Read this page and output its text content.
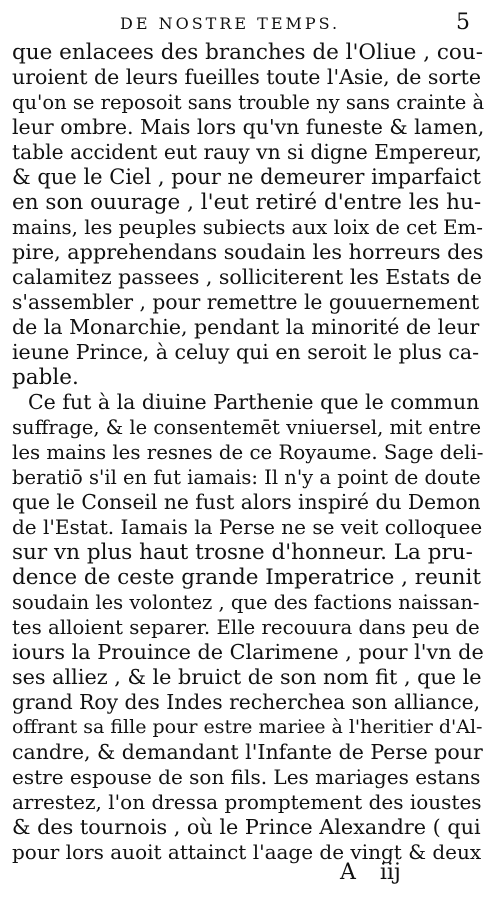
DE NOSTRE TEMPS.	5
que enlacees des branches de l'Oliue , cou-
uroient de leurs fueilles toute l'Asie, de sorte
qu'on se reposoit sans trouble ny sans crainte à
leur ombre. Mais lors qu'vn funeste & lamen,
table accident eut rauy vn si digne Empereur,
& que le Ciel , pour ne demeurer imparfaict
en son ouurage , l'eut retiré d'entre les hu-
mains, les peuples subiects aux loix de cet Em-
pire, apprehendans soudain les horreurs des
calamitez passees , solliciterent les Estats de
s'assembler , pour remettre le gouuernement
de la Monarchie, pendant la minorité de leur
ieune Prince, à celuy qui en seroit le plus ca-
pable.
Ce fut à la diuine Parthenie que le commun
suffrage, & le consentemēt vniuersel, mit entre
les mains les resnes de ce Royaume. Sage deli-
beratiō s'il en fut iamais: Il n'y a point de doute
que le Conseil ne fust alors inspiré du Demon
de l'Estat. Iamais la Perse ne se veit colloquee
sur vn plus haut trosne d'honneur. La pru-
dence de ceste grande Imperatrice , reunit
soudain les volontez , que des factions naissan-
tes alloient separer. Elle recouura dans peu de
iours la Prouince de Clarimene , pour l'vn de
ses alliez , & le bruict de son nom fit , que le
grand Roy des Indes recherchea son alliance,
offrant sa fille pour estre mariee à l'heritier d'Al-
candre, & demandant l'Infante de Perse pour
estre espouse de son fils. Les mariages estans
arrestez, l'on dressa promptement des ioustes
& des tournois , où le Prince Alexandre ( qui
pour lors auoit attainct l'aage de vingt & deux
A iij
